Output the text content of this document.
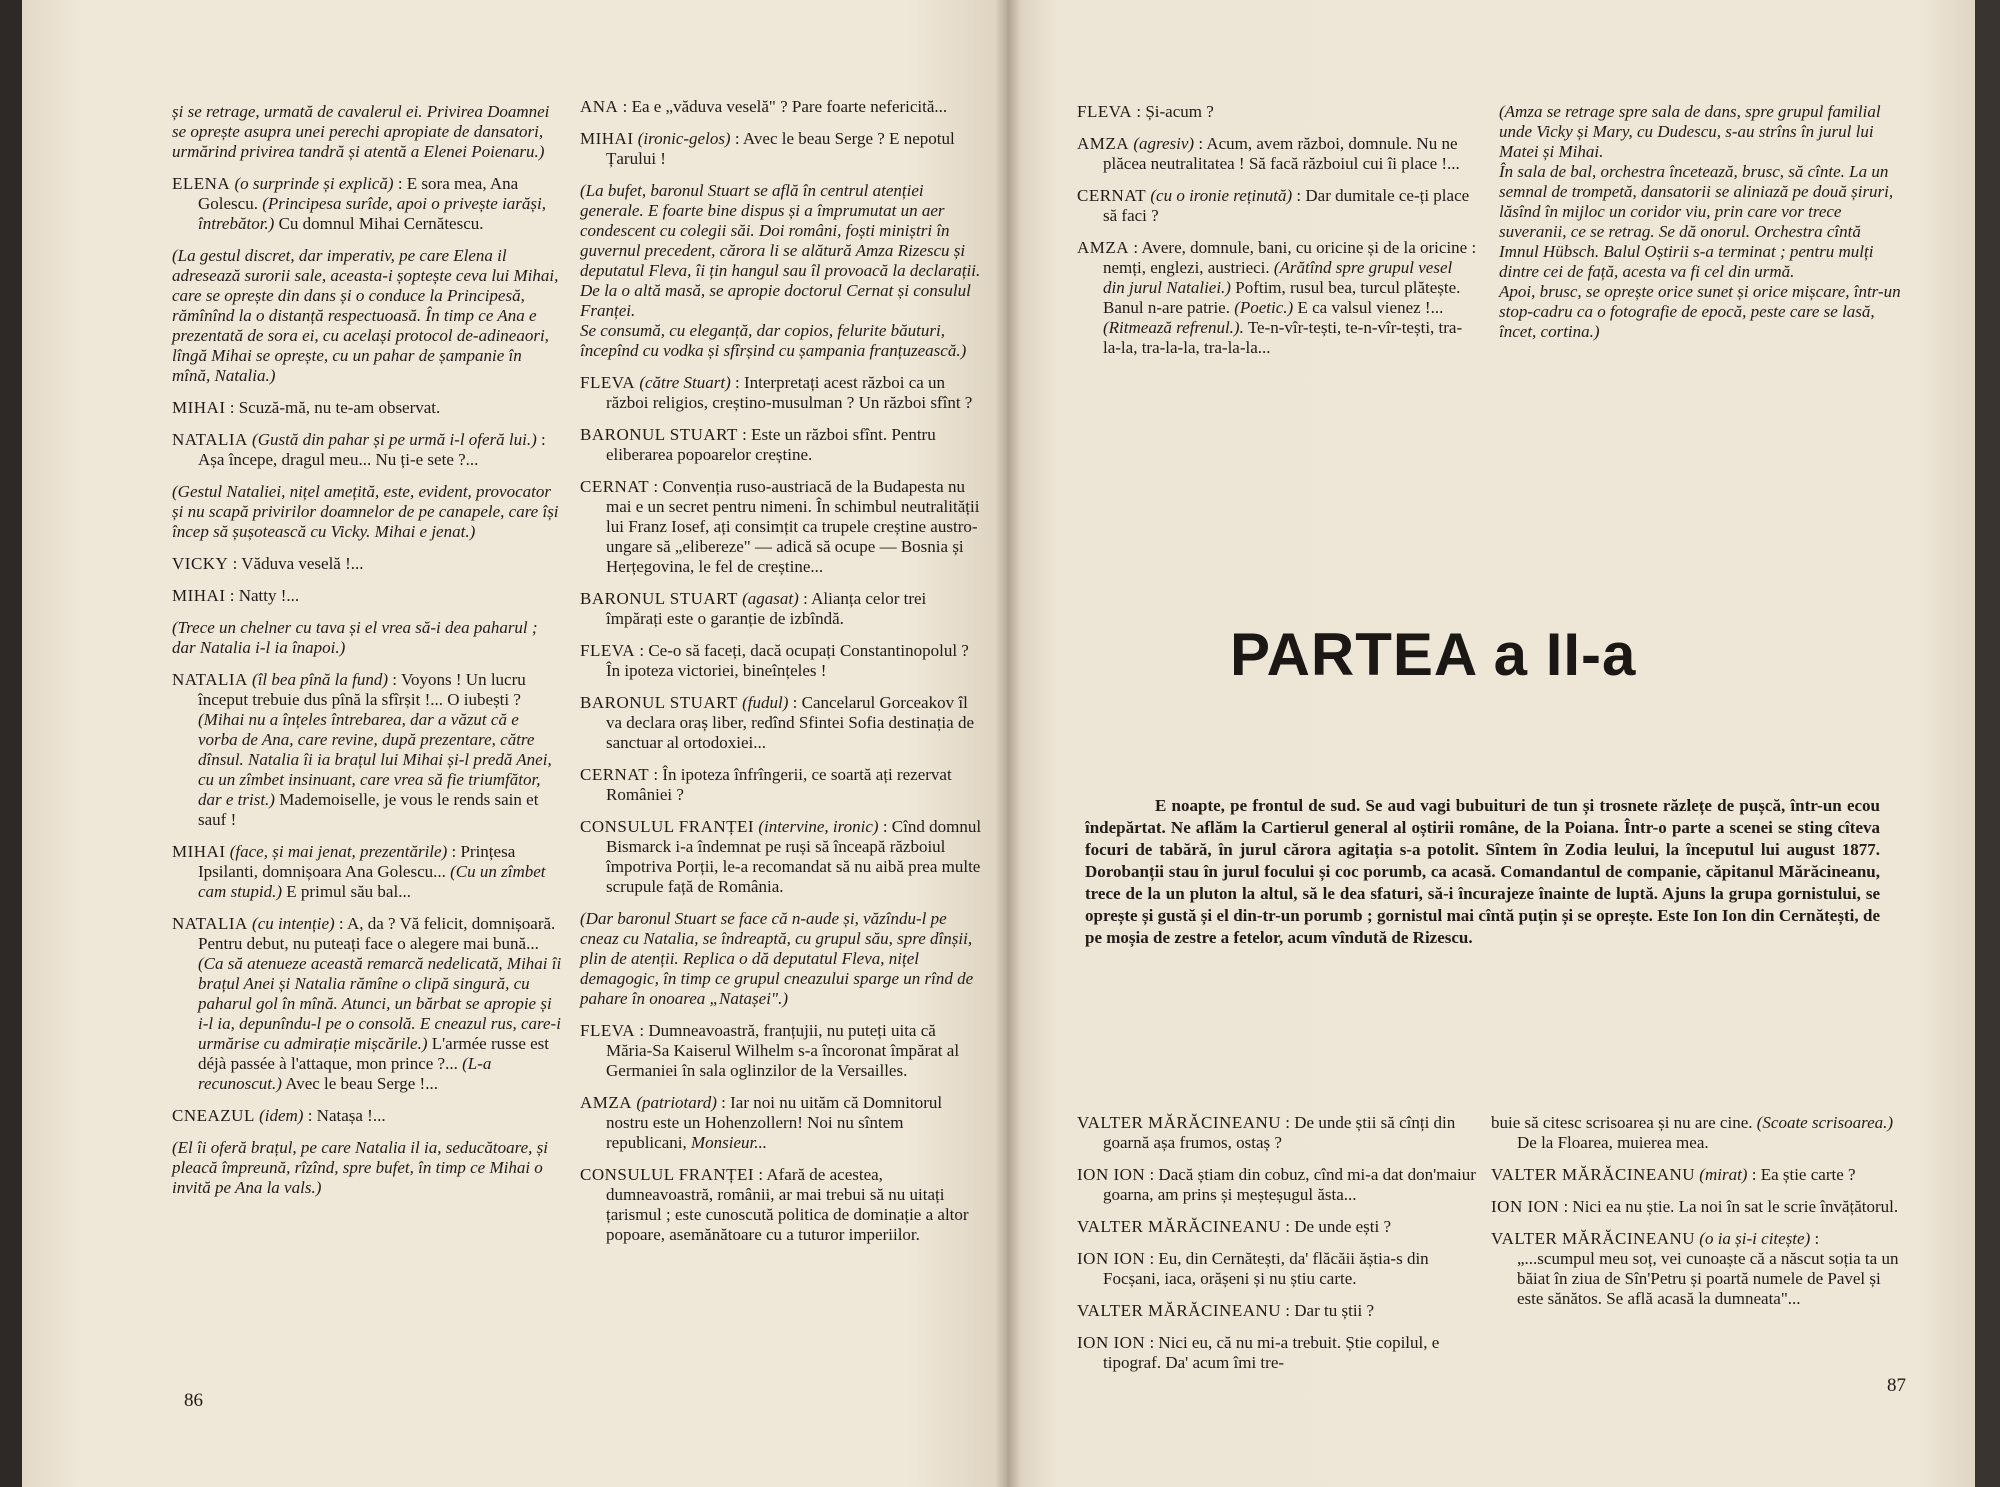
și se retrage, urmată de cavalerul ei. Privirea Doamnei se oprește asupra unei perechi apropiate de dansatori, urmărind privirea tandră și atentă a Elenei Poienaru.)

ELENA (o surprinde și explică) : E sora mea, Ana Golescu. (Principesa surîde, apoi o privește iarăși, întrebător.) Cu domnul Mihai Cernătescu.

(La gestul discret, dar imperativ, pe care Elena il adresează surorii sale, aceasta-i șoptește ceva lui Mihai, care se oprește din dans și o conduce la Principesă, rămînînd la o distanță respectuoasă. În timp ce Ana e prezentată de sora ei, cu același protocol de-adineaori, lîngă Mihai se oprește, cu un pahar de șampanie în mînă, Natalia.)

MIHAI : Scuză-mă, nu te-am observat.

NATALIA (Gustă din pahar și pe urmă i-l oferă lui.) : Așa începe, dragul meu... Nu ți-e sete ?...

(Gestul Nataliei, nițel amețită, este, evident, provocator și nu scapă privirilor doamnelor de pe canapele, care își încep să șușotească cu Vicky. Mihai e jenat.)

VICKY : Văduva veselă !...

MIHAI : Natty !...

(Trece un chelner cu tava și el vrea să-i dea paharul ; dar Natalia i-l ia înapoi.)

NATALIA (îl bea pînă la fund) : Voyons ! Un lucru început trebuie dus pînă la sfîrșit !... O iubești ? (Mihai nu a înțeles întrebarea, dar a văzut că e vorba de Ana, care revine, după prezentare, către dînsul. Natalia îi ia brațul lui Mihai și-l predă Anei, cu un zîmbet insinuant, care vrea să fie triumfător, dar e trist.) Mademoiselle, je vous le rends sain et sauf !

MIHAI (face, și mai jenat, prezentările) : Prințesa Ipsilanti, domnișoara Ana Golescu... (Cu un zîmbet cam stupid.) E primul său bal...

NATALIA (cu intenție) : A, da ? Vă felicit, domnișoară. Pentru debut, nu puteați face o alegere mai bună... (Ca să atenueze această remarcă nedelicată, Mihai îi brațul Anei și Natalia rămîne o clipă singură, cu paharul gol în mînă. Atunci, un bărbat se apropie și i-l ia, depunîndu-l pe o consolă. E cneazul rus, care-i urmărise cu admirație mișcările.) L'armée russe est déjà passée à l'attaque, mon prince ?... (L-a recunoscut.) Avec le beau Serge !...

CNEAZUL (idem) : Natașa !...

(El îi oferă brațul, pe care Natalia il ia, seducătoare, și pleacă împreună, rîzînd, spre bufet, în timp ce Mihai o invită pe Ana la vals.)

ANA : Ea e „văduva veselă" ? Pare foarte nefericită...

MIHAI (ironic-gelos) : Avec le beau Serge ? E nepotul Țarului !

(La bufet, baronul Stuart se află în centrul atenției generale. E foarte bine dispus și a împrumutat un aer condescent cu colegii săi. Doi români, foști miniștri în guvernul precedent, cărora li se alătură Amza Rizescu și deputatul Fleva, îi țin hangul sau îl provoacă la declarații. De la o altă masă, se apropie doctorul Cernat și consulul Franței.
Se consumă, cu eleganță, dar copios, felurite băuturi, începînd cu vodka și sfîrșind cu șampania franțuzească.)

FLEVA (către Stuart) : Interpretați acest război ca un război religios, creștino-musulman ? Un război sfînt ?

BARONUL STUART : Este un război sfînt. Pentru eliberarea popoarelor creștine.

CERNAT : Convenția ruso-austriacă de la Budapesta nu mai e un secret pentru nimeni. În schimbul neutralității lui Franz Iosef, ați consimțit ca trupele creștine austro-ungare să „elibereze" — adică să ocupe — Bosnia și Herțegovina, le fel de creștine...

BARONUL STUART (agasat) : Alianța celor trei împărați este o garanție de izbîndă.

FLEVA : Ce-o să faceți, dacă ocupați Constantinopolul ? În ipoteza victoriei, bineînțeles !

BARONUL STUART (fudul) : Cancelarul Gorceakov îl va declara oraș liber, redînd Sfintei Sofia destinația de sanctuar al ortodoxiei...

CERNAT : În ipoteza înfrîngerii, ce soartă ați rezervat României ?

CONSULUL FRANȚEI (intervine, ironic) : Cînd domnul Bismarck i-a îndemnat pe ruși să înceapă războiul împotriva Porții, le-a recomandat să nu aibă prea multe scrupule față de România.

(Dar baronul Stuart se face că n-aude și, văzîndu-l pe cneaz cu Natalia, se îndreaptă, cu grupul său, spre dînșii, plin de atenții. Replica o dă deputatul Fleva, nițel demagogic, în timp ce grupul cneazului sparge un rînd de pahare în onoarea „Natașei".)

FLEVA : Dumneavoastră, franțujii, nu puteți uita că Măria-Sa Kaiserul Wilhelm s-a încoronat împărat al Germaniei în sala oglinzilor de la Versailles.

AMZA (patriotard) : Iar noi nu uităm că Domnitorul nostru este un Hohenzollern! Noi nu sîntem republicani, Monsieur...

CONSULUL FRANȚEI : Afară de acestea, dumneavoastră, românii, ar mai trebui să nu uitați țarismul ; este cunoscută politica de dominație a altor popoare, asemănătoare cu a tuturor imperiilor.

86

FLEVA : Și-acum ?

AMZA (agresiv) : Acum, avem război, domnule. Nu ne plăcea neutralitatea ! Să facă războiul cui îi place !...

CERNAT (cu o ironie reținută) : Dar dumitale ce-ți place să faci ?

AMZA : Avere, domnule, bani, cu oricine și de la oricine : nemți, englezi, austrieci. (Arătînd spre grupul vesel din jurul Nataliei.) Poftim, rusul bea, turcul plătește. Banul n-are patrie. (Poetic.) E ca valsul vienez !... (Ritmează refrenul.). Te-n-vîr-tești, te-n-vîr-tești, tra-la-la, tra-la-la, tra-la-la...

(Amza se retrage spre sala de dans, spre grupul familial unde Vicky și Mary, cu Dudescu, s-au strîns în jurul lui Matei și Mihai.
În sala de bal, orchestra încetează, brusc, să cînte. La un semnal de trompetă, dansatorii se aliniază pe două șiruri, lăsînd în mijloc un coridor viu, prin care vor trece suveranii, ce se retrag. Se dă onorul. Orchestra cîntă Imnul Hübsch. Balul Oștirii s-a terminat ; pentru mulți dintre cei de față, acesta va fi cel din urmă.
Apoi, brusc, se oprește orice sunet și orice mișcare, într-un stop-cadru ca o fotografie de epocă, peste care se lasă, încet, cortina.)

VALTER MĂRĂCINEANU : De unde știi să cînți din goarnă așa frumos, ostaș ?

ION ION : Dacă știam din cobuz, cînd mi-a dat don'maiur goarna, am prins și meșteșugul ăsta...

VALTER MĂRĂCINEANU : De unde ești ?

ION ION : Eu, din Cernătești, da' flăcăii ăștia-s din Focșani, iaca, orășeni și nu știu carte.

VALTER MĂRĂCINEANU : Dar tu știi ?

ION ION : Nici eu, că nu mi-a trebuit. Știe copilul, e tipograf. Da' acum îmi tre-

buie să citesc scrisoarea și nu are cine. (Scoate scrisoarea.) De la Floarea, muierea mea.

VALTER MĂRĂCINEANU (mirat) : Ea știe carte ?

ION ION : Nici ea nu știe. La noi în sat le scrie învățătorul.

VALTER MĂRĂCINEANU (o ia și-i citește) : „...scumpul meu soț, vei cunoaște că a născut soția ta un băiat în ziua de Sîn'Petru și poartă numele de Pavel și este sănătos. Se află acasă la dumneata"...

87
PARTEA a II-a

E noapte, pe frontul de sud. Se aud vagi bubuituri de tun și trosnete răzlețe de pușcă, într-un ecou îndepărtat. Ne aflăm la Cartierul general al oștirii române, de la Poiana. Într-o parte a scenei se sting cîteva focuri de tabără, în jurul cărora agitația s-a potolit. Sîntem în Zodia leului, la începutul lui august 1877. Dorobanții stau în jurul focului și coc porumb, ca acasă. Comandantul de companie, căpitanul Mărăcineanu, trece de la un pluton la altul, să le dea sfaturi, să-i încurajeze înainte de luptă. Ajuns la grupa gornistului, se oprește și gustă și el din-tr-un porumb ; gornistul mai cîntă puțin și se oprește. Este Ion Ion din Cernătești, de pe moșia de zestre a fetelor, acum vîndută de Rizescu.
